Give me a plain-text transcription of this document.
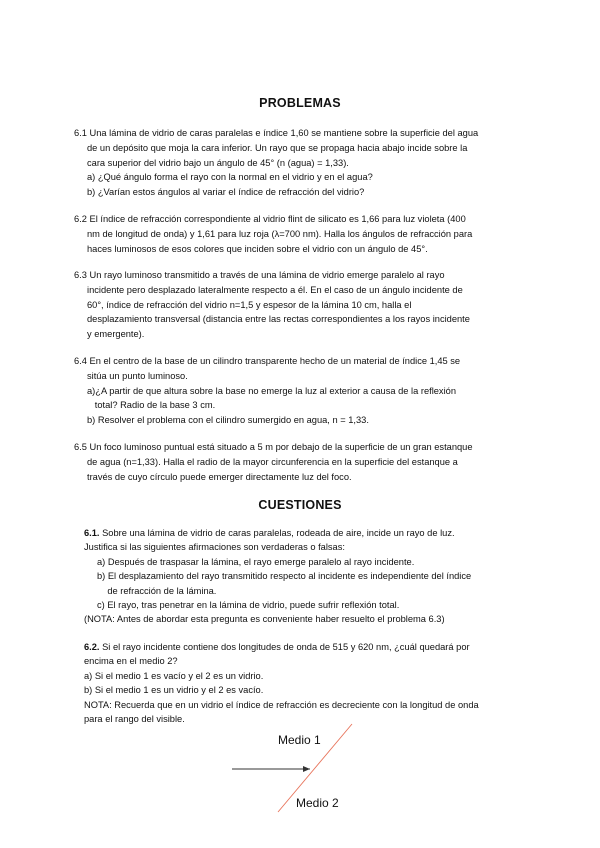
PROBLEMAS
6.1 Una lámina de vidrio de caras paralelas e índice 1,60 se mantiene sobre la superficie del agua
de un depósito que moja la cara inferior. Un rayo que se propaga hacia abajo incide sobre la
cara superior del vidrio bajo un ángulo de 45° (n (agua) = 1,33).
a) ¿Qué ángulo forma el rayo con la normal en el vidrio y en el agua?
b) ¿Varían estos ángulos al variar el índice de refracción del vidrio?
6.2 El índice de refracción correspondiente al vidrio flint de silicato es 1,66 para luz violeta (400
nm de longitud de onda) y 1,61 para luz roja (λ=700 nm). Halla los ángulos de refracción para
haces luminosos de esos colores que inciden sobre el vidrio con un ángulo de 45°.
6.3 Un rayo luminoso transmitido a través de una lámina de vidrio emerge paralelo al rayo
incidente pero desplazado lateralmente respecto a él. En el caso de un ángulo incidente de
60°, índice de refracción del vidrio n=1,5 y espesor de la lámina 10 cm, halla el
desplazamiento transversal (distancia entre las rectas correspondientes a los rayos incidente
y emergente).
6.4 En el centro de la base de un cilindro transparente hecho de un material de índice 1,45 se
sitúa un punto luminoso.
a)¿A partir de que altura sobre la base no emerge la luz al exterior a causa de la reflexión
total? Radio de la base 3 cm.
b) Resolver el problema con el cilindro sumergido en agua, n = 1,33.
6.5 Un foco luminoso puntual está situado a 5 m por debajo de la superficie de un gran estanque
de agua (n=1,33). Halla el radio de la mayor circunferencia en la superficie del estanque a
través de cuyo círculo puede emerger directamente luz del foco.
CUESTIONES
6.1. Sobre una lámina de vidrio de caras paralelas, rodeada de aire, incide un rayo de luz.
Justifica si las siguientes afirmaciones son verdaderas o falsas:
a) Después de traspasar la lámina, el rayo emerge paralelo al rayo incidente.
b) El desplazamiento del rayo transmitido respecto al incidente es independiente del índice
de refracción de la lámina.
c) El rayo, tras penetrar en la lámina de vidrio, puede sufrir reflexión total.
(NOTA: Antes de abordar esta pregunta es conveniente haber resuelto el problema 6.3)
6.2. Si el rayo incidente contiene dos longitudes de onda de 515 y 620 nm, ¿cuál quedará por
encima en el medio 2?
a) Si el medio 1 es vacío y el 2 es un vidrio.
b) Si el medio 1 es un vidrio y el 2 es vacío.
NOTA: Recuerda que en un vidrio el índice de refracción es decreciente con la longitud de onda
para el rango del visible.
Medio 1
Medio 2
